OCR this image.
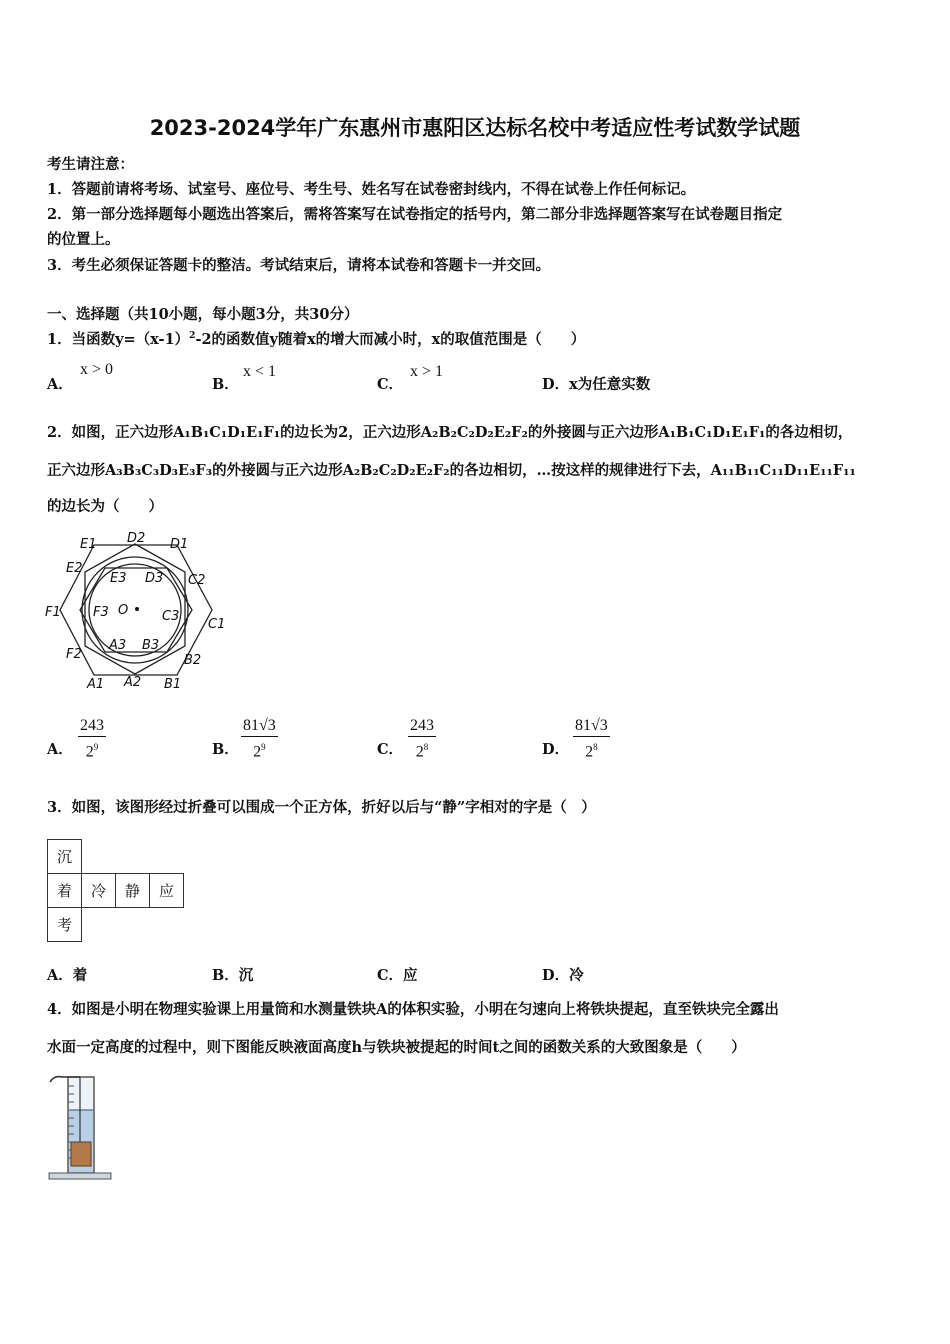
2023-2024学年广东惠州市惠阳区达标名校中考适应性考试数学试题
考生请注意：
1．答题前请将考场、试室号、座位号、考生号、姓名写在试卷密封线内，不得在试卷上作任何标记。
2．第一部分选择题每小题选出答案后，需将答案写在试卷指定的括号内，第二部分非选择题答案写在试卷题目指定
的位置上。
3．考生必须保证答题卡的整洁。考试结束后，请将本试卷和答题卡一并交回。
一、选择题（共10小题，每小题3分，共30分）
1．当函数$y=(x-1)^2-2$的函数值y随着x的增大而减小时，x的取值范围是（　　）
A．
x > 0
B．
x < 1
C．
x > 1
D．x为任意实数
2．如图，正六边形A₁B₁C₁D₁E₁F₁的边长为2，正六边形A₂B₂C₂D₂E₂F₂的外接圆与正六边形A₁B₁C₁D₁E₁F₁的各边相切，
正六边形A₃B₃C₃D₃E₃F₃的外接圆与正六边形A₂B₂C₂D₂E₂F₂的各边相切，…按这样的规律进行下去，A₁₁B₁₁C₁₁D₁₁E₁₁F₁₁
的边长为（　　）
E1 D2 D1
E2
E3 D3 C2
F1 F3 O	C3
C1
F2
A3 B3
B2
A1 A2 B1
A． $\frac{243}{2^9}$	B． $\frac{81√3}{2^9}$	C． $\frac{243}{2^8}$	D． $\frac{81√3}{2^8}$
3．如图，该图形经过折叠可以围成一个正方体，折好以后与“静”字相对的字是（　）
沉			
着	冷	静	应
考			
A．着	B．沉	C．应	D．冷
4．如图是小明在物理实验课上用量筒和水测量铁块A的体积实验，小明在匀速向上将铁块提起，直至铁块完全露出
水面一定高度的过程中，则下图能反映液面高度h与铁块被提起的时间t之间的函数关系的大致图象是（　　）
